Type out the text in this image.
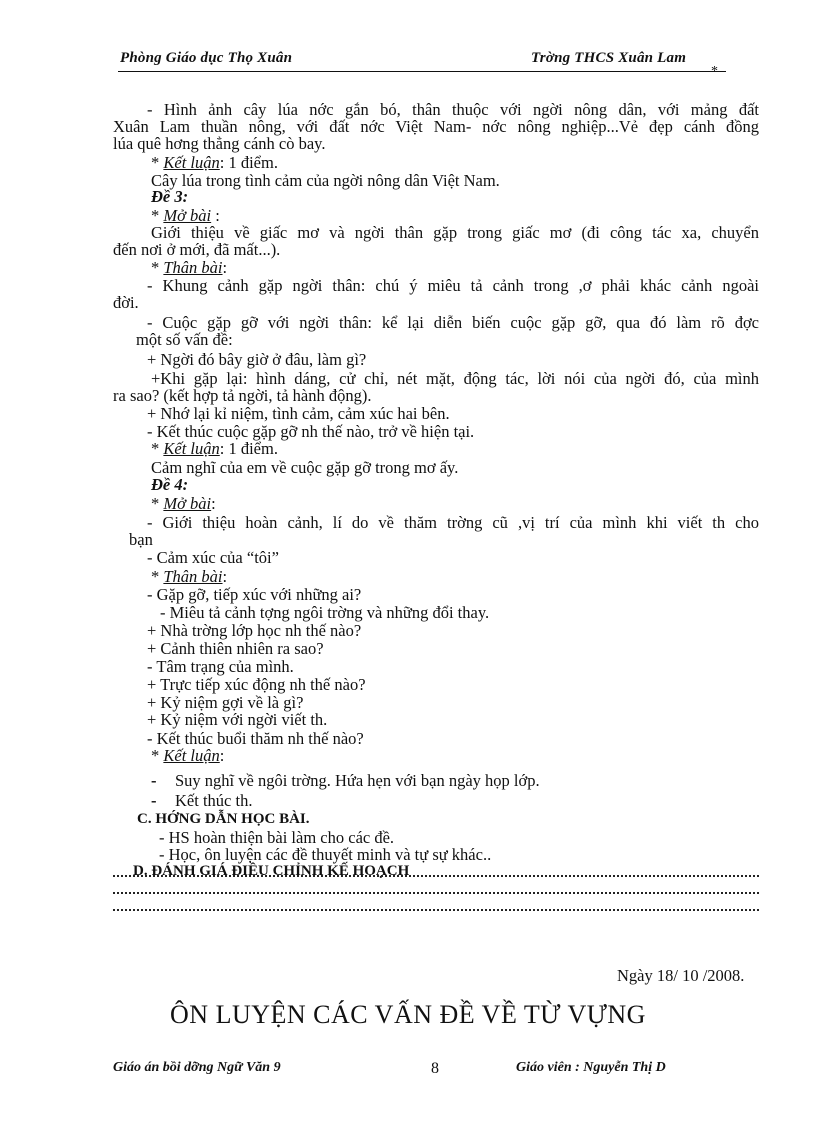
Phòng Giáo dục Thọ Xuân	Trờng THCS Xuân Lam
*
- Hình ảnh cây lúa nớc gắn bó, thân thuộc với ngời nông dân, với mảng đất
Xuân Lam thuần nông, với đất nớc Việt Nam- nớc nông nghiệp...Vẻ đẹp cánh đồng
lúa quê hơng thẳng cánh cò bay.
* Kết luận: 1 điểm.
Cây lúa trong tình cảm của ngời nông dân Việt Nam.
Đề 3:
* Mở bài :
Giới thiệu về giấc mơ và ngời thân gặp trong giấc mơ (đi công tác xa, chuyển
đến nơi ở mới, đã mất...).
* Thân bài:
- Khung cảnh gặp ngời thân: chú ý miêu tả cảnh trong ,ơ phải khác cảnh ngoài
đời.
- Cuộc gặp gỡ với ngời thân: kể lại diễn biến cuộc gặp gỡ, qua đó làm rõ đợc
một số vấn đề:
+ Ngời đó bây giờ ở đâu, làm gì?
+Khi gặp lại: hình dáng, cử chỉ, nét mặt, động tác, lời nói của ngời đó, của mình
ra sao? (kết hợp tả ngời, tả hành động).
+ Nhớ lại kỉ niệm, tình cảm, cảm xúc hai bên.
- Kết thúc cuộc gặp gỡ nh thế nào, trở về hiện tại.
* Kết luận: 1 điểm.
Cảm nghĩ của em về cuộc gặp gỡ trong mơ ấy.
Đề 4:
* Mở bài:
- Giới thiệu hoàn cảnh, lí do về thăm trờng cũ ,vị trí của mình khi viết th cho
bạn
- Cảm xúc của “tôi”
* Thân bài:
- Gặp gỡ, tiếp xúc với những ai?
- Miêu tả cảnh tợng ngôi trờng và những đổi thay.
+ Nhà trờng lớp học nh thế nào?
+ Cảnh thiên nhiên ra sao?
- Tâm trạng của mình.
+ Trực tiếp xúc động nh thế nào?
+ Kỷ niệm gợi về là gì?
+ Kỷ niệm với ngời viết th.
- Kết thúc buổi thăm nh thế nào?
* Kết luận:
- Suy nghĩ về ngôi trờng. Hứa hẹn với bạn ngày họp lớp.
- Kết thúc th.
C. HỚNG DẪN HỌC BÀI.
- HS hoàn thiện bài làm cho các đề.
- Học, ôn luyện các đề thuyết minh và tự sự khác..
D. ĐÁNH GIÁ ĐIỀU CHỈNH KẾ HOẠCH
Ngày 18/ 10 /2008.
ÔN LUYỆN CÁC VẤN ĐỀ VỀ TỪ VỰNG
Giáo án bồi dỡng Ngữ Văn 9	8	Giáo viên : Nguyễn Thị D
